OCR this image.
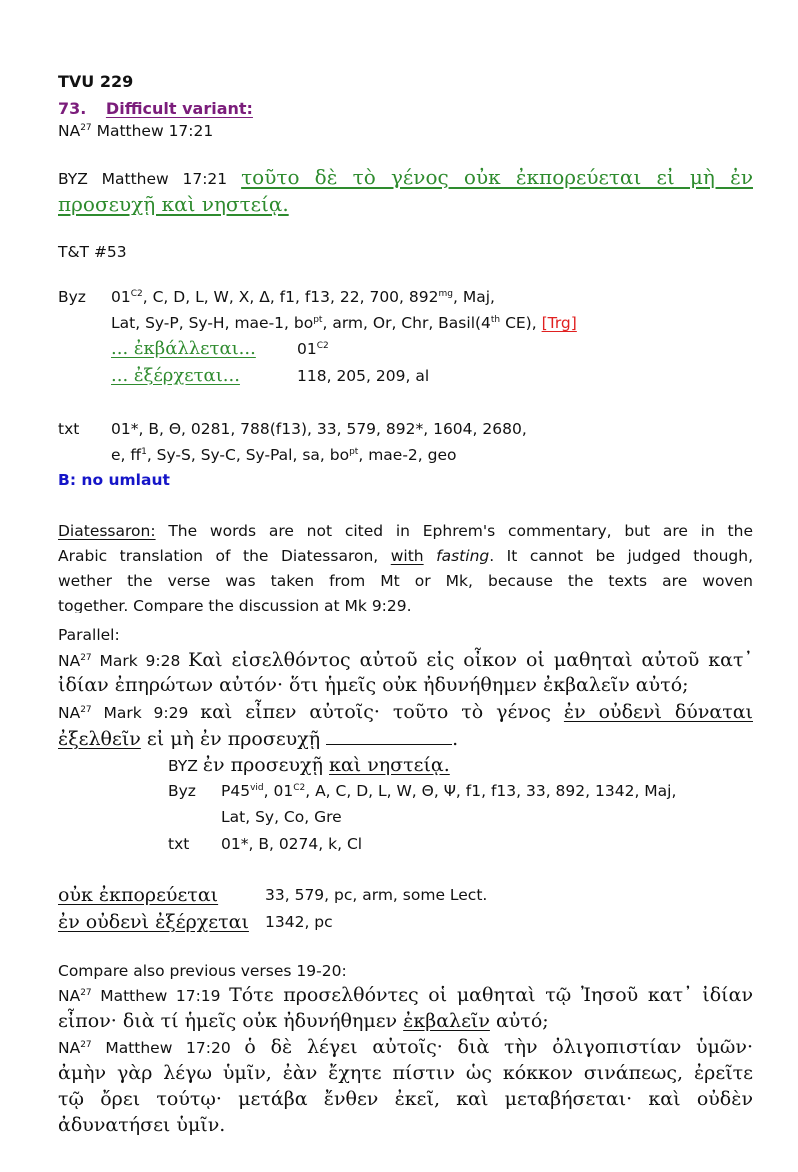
TVU 229
73. Difficult variant:
NA$^{27}$ Matthew 17:21
BYZ Matthew 17:21 τοῦτο δὲ τὸ γένος οὐκ ἐκπορεύεται εἰ μὴ ἐν
προσευχῇ καὶ νηστείᾳ.
T&T #53
Byz $01^{C2}$, C, D, L, W, X, Δ, f1, f13, 22, 700, $892^{mg}$, Maj,
Lat, Sy-P, Sy-H, mae-1, $bo^{pt}$, arm, Or, Chr, Basil(4th CE), [Trg]
... ἐκβάλλεται...	$01^{C2}$
... ἐξέρχεται...	118, 205, 209, al
txt 01*, B, Θ, 0281, 788(f13), 33, 579, 892*, 1604, 2680,
e, $ff^1$, Sy-S, Sy-C, Sy-Pal, sa, $bo^{pt}$, mae-2, geo
B: no umlaut
Diatessaron: The words are not cited in Ephrem's commentary, but are in the
Arabic translation of the Diatessaron, with fasting. It cannot be judged though,
wether the verse was taken from Mt or Mk, because the texts are woven
together. Compare the discussion at Mk 9:29.
Parallel:
NA$^{27}$ Mark 9:28 Καὶ εἰσελθόντος αὐτοῦ εἰς οἶκον οἱ μαθηταὶ αὐτοῦ κατ᾽
ἰδίαν ἐπηρώτων αὐτόν· ὅτι ἡμεῖς οὐκ ἠδυνήθημεν ἐκβαλεῖν αὐτό;
NA$^{27}$ Mark 9:29 καὶ εἶπεν αὐτοῖς· τοῦτο τὸ γένος ἐν οὐδενὶ δύναται
ἐξελθεῖν εἰ μὴ ἐν προσευχῇ	.
BYZ ἐν προσευχῇ καὶ νηστείᾳ.
Byz $P45^{vid}$, $01^{C2}$, A, C, D, L, W, Θ, Ψ, f1, f13, 33, 892, 1342, Maj,
Lat, Sy, Co, Gre
txt 01*, B, 0274, k, Cl
οὐκ ἐκπορεύεται	33, 579, pc, arm, some Lect.
ἐν οὐδενὶ ἐξέρχεται 1342, pc
Compare also previous verses 19-20:
NA$^{27}$ Matthew 17:19 Τότε προσελθόντες οἱ μαθηταὶ τῷ Ἰησοῦ κατ᾽ ἰδίαν
εἶπον· διὰ τί ἡμεῖς οὐκ ἠδυνήθημεν ἐκβαλεῖν αὐτό;
NA$^{27}$ Matthew 17:20 ὁ δὲ λέγει αὐτοῖς· διὰ τὴν ὀλιγοπιστίαν ὑμῶν·
ἀμὴν γὰρ λέγω ὑμῖν, ἐὰν ἔχητε πίστιν ὡς κόκκον σινάπεως, ἐρεῖτε
τῷ ὄρει τούτῳ· μετάβα ἔνθεν ἐκεῖ, καὶ μεταβήσεται· καὶ οὐδὲν
ἀδυνατήσει ὑμῖν.
